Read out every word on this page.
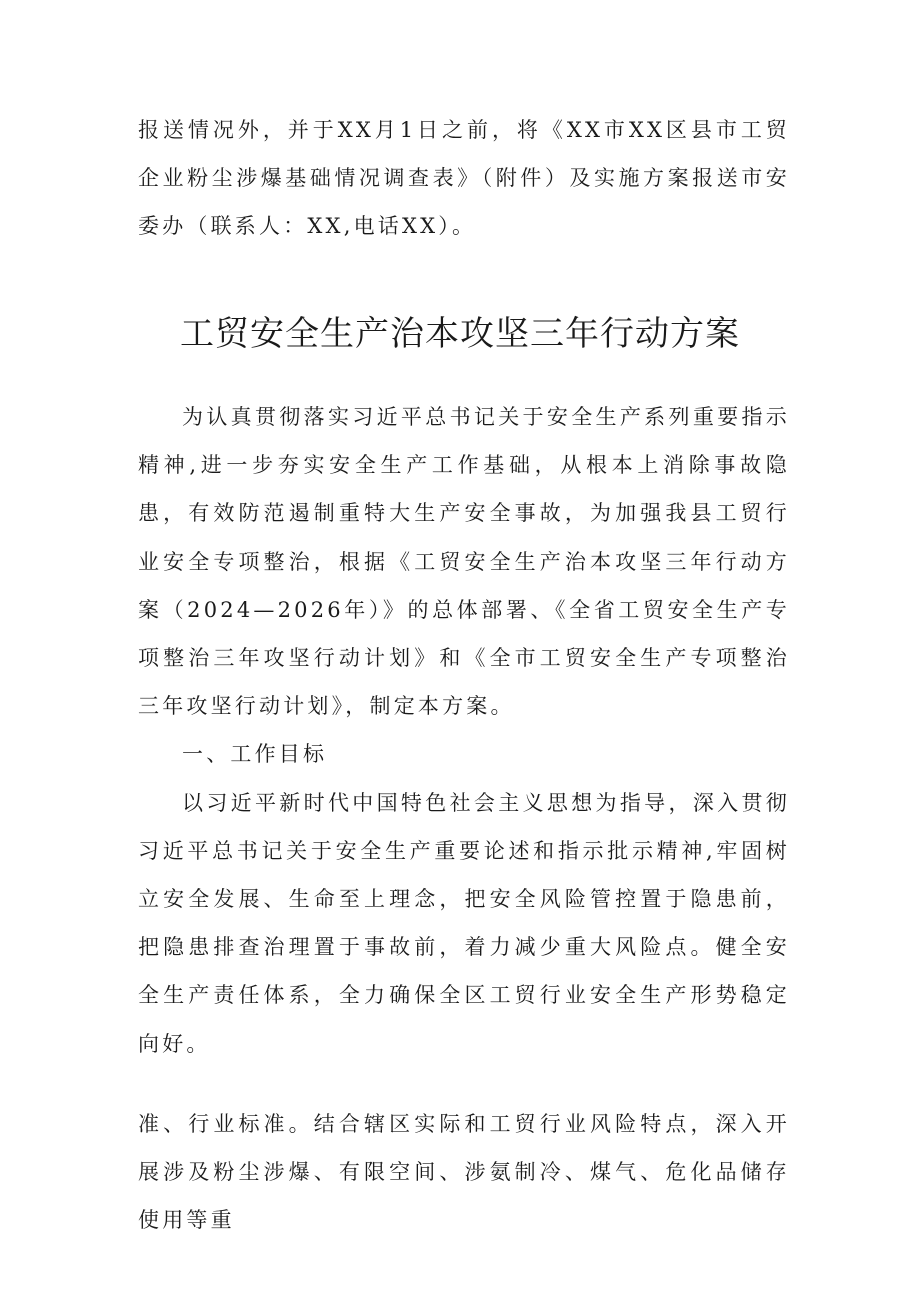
报送情况外，并于XX月1日之前，将《XX市XX区县市工贸企业粉尘涉爆基础情况调查表》（附件）及实施方案报送市安委办（联系人：XX,电话XX）。

工贸安全生产治本攻坚三年行动方案

为认真贯彻落实习近平总书记关于安全生产系列重要指示精神,进一步夯实安全生产工作基础，从根本上消除事故隐患，有效防范遏制重特大生产安全事故，为加强我县工贸行业安全专项整治，根据《工贸安全生产治本攻坚三年行动方案（2024—2026年）》的总体部署、《全省工贸安全生产专项整治三年攻坚行动计划》和《全市工贸安全生产专项整治三年攻坚行动计划》，制定本方案。

一、工作目标

以习近平新时代中国特色社会主义思想为指导，深入贯彻习近平总书记关于安全生产重要论述和指示批示精神,牢固树立安全发展、生命至上理念，把安全风险管控置于隐患前，把隐患排查治理置于事故前，着力减少重大风险点。健全安全生产责任体系，全力确保全区工贸行业安全生产形势稳定向好。

准、行业标准。结合辖区实际和工贸行业风险特点，深入开展涉及粉尘涉爆、有限空间、涉氨制冷、煤气、危化品储存使用等重
